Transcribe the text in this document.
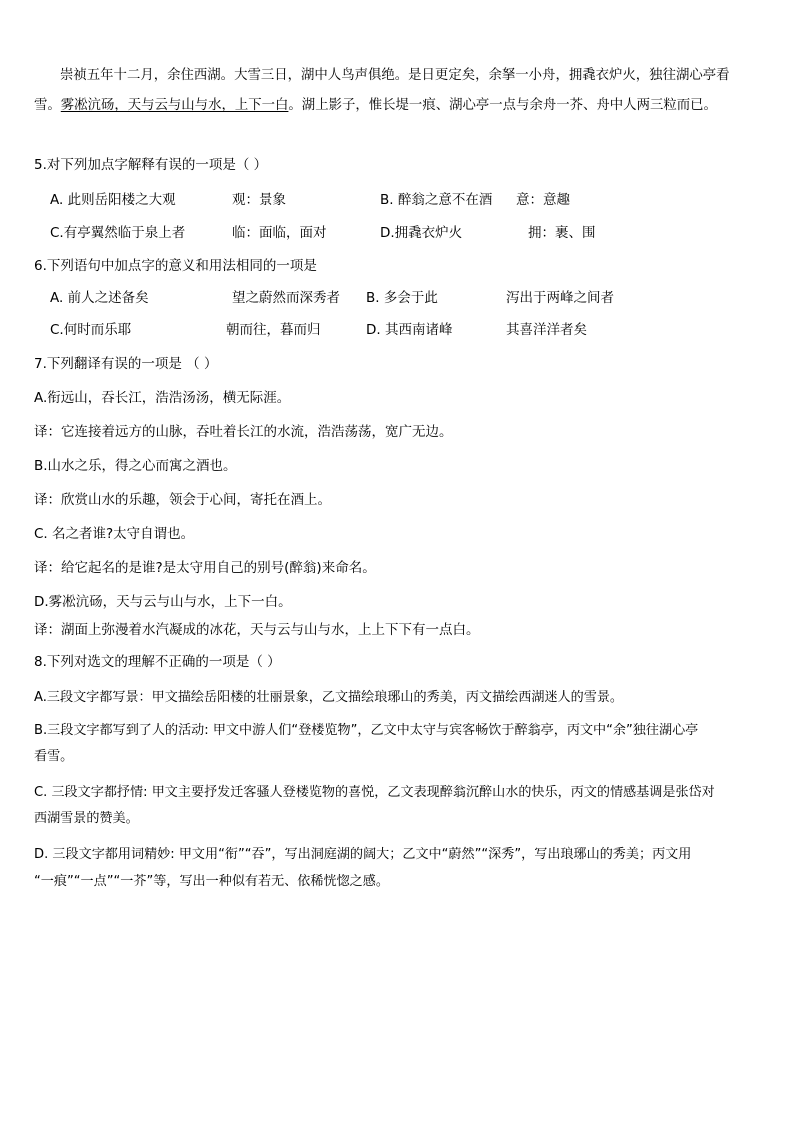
崇祯五年十二月，余住西湖。大雪三日，湖中人鸟声俱绝。是日更定矣，余拏一小舟，拥毳衣炉火，独往湖心亭看
雪。雾凇沆砀，天与云与山与水，上下一白。湖上影子，惟长堤一痕、湖心亭一点与余舟一芥、舟中人两三粒而已。
5.对下列加点字解释有误的一项是（ ）
A. 此则岳阳楼之大观	观：景象	B. 醉翁之意不在酒 意：意趣
C.有亭翼然临于泉上者	临：面临，面对	D.拥毳衣炉火	拥：裹、围
6.下列语句中加点字的意义和用法相同的一项是
A. 前人之述备矣	望之蔚然而深秀者 B. 多会于此	泻出于两峰之间者
C.何时而乐耶	朝而往，暮而归	D. 其西南诸峰	其喜洋洋者矣
7.下列翻译有误的一项是 （ ）
A.衔远山，吞长江，浩浩汤汤，横无际涯。
译：它连接着远方的山脉，吞吐着长江的水流，浩浩荡荡，宽广无边。
B.山水之乐，得之心而寓之酒也。
译：欣赏山水的乐趣，领会于心间，寄托在酒上。
C. 名之者谁?太守自谓也。
译：给它起名的是谁?是太守用自己的别号(醉翁)来命名。
D.雾凇沆砀，天与云与山与水，上下一白。
译：湖面上弥漫着水汽凝成的冰花，天与云与山与水，上上下下有一点白。
8.下列对选文的理解不正确的一项是（ ）
A.三段文字都写景：甲文描绘岳阳楼的壮丽景象，乙文描绘琅琊山的秀美，丙文描绘西湖迷人的雪景。
B.三段文字都写到了人的活动: 甲文中游人们“登楼览物”，乙文中太守与宾客畅饮于醉翁亭，丙文中“余”独往湖心亭
看雪。
C. 三段文字都抒情: 甲文主要抒发迁客骚人登楼览物的喜悦，乙文表现醉翁沉醉山水的快乐，丙文的情感基调是张岱对
西湖雪景的赞美。
D. 三段文字都用词精妙: 甲文用“衔”“吞”，写出洞庭湖的阔大；乙文中“蔚然”“深秀”，写出琅琊山的秀美；丙文用
“一痕”“一点”“一芥”等，写出一种似有若无、依稀恍惚之感。
